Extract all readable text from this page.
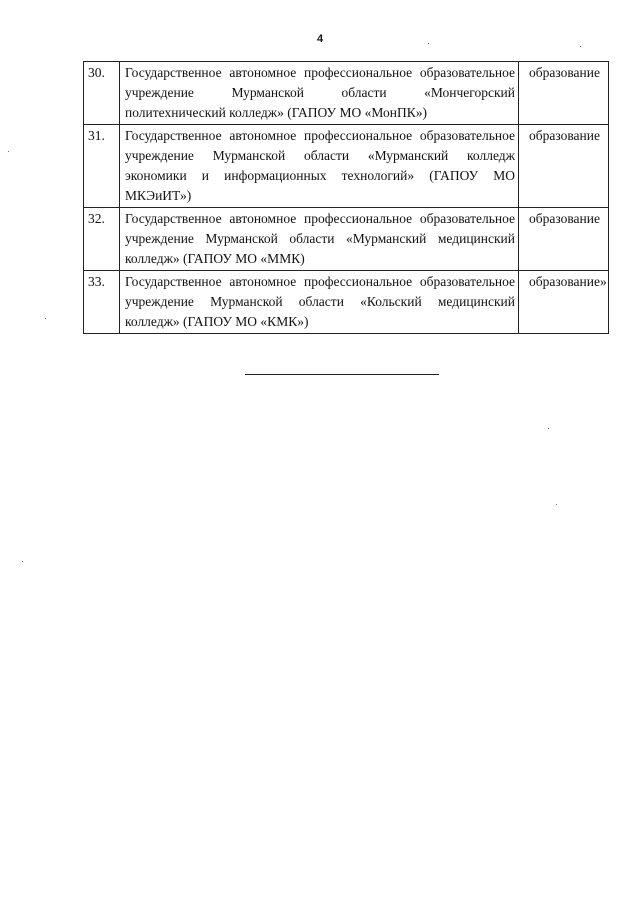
4
30.	Государственное автономное профессиональное образовательное учреждение Мурманской области «Мончегорский политехнический колледж» (ГАПОУ МО «МонПК»)	образование
31.	Государственное автономное профессиональное образовательное учреждение Мурманской области «Мурманский колледж экономики и информационных технологий» (ГАПОУ МО МКЭиИТ»)	образование
32.	Государственное автономное профессиональное образовательное учреждение Мурманской области «Мурманский медицинский колледж» (ГАПОУ МО «ММК)	образование
33.	Государственное автономное профессиональное образовательное учреждение Мурманской области «Кольский медицинский колледж» (ГАПОУ МО «КМК»)	образование»
